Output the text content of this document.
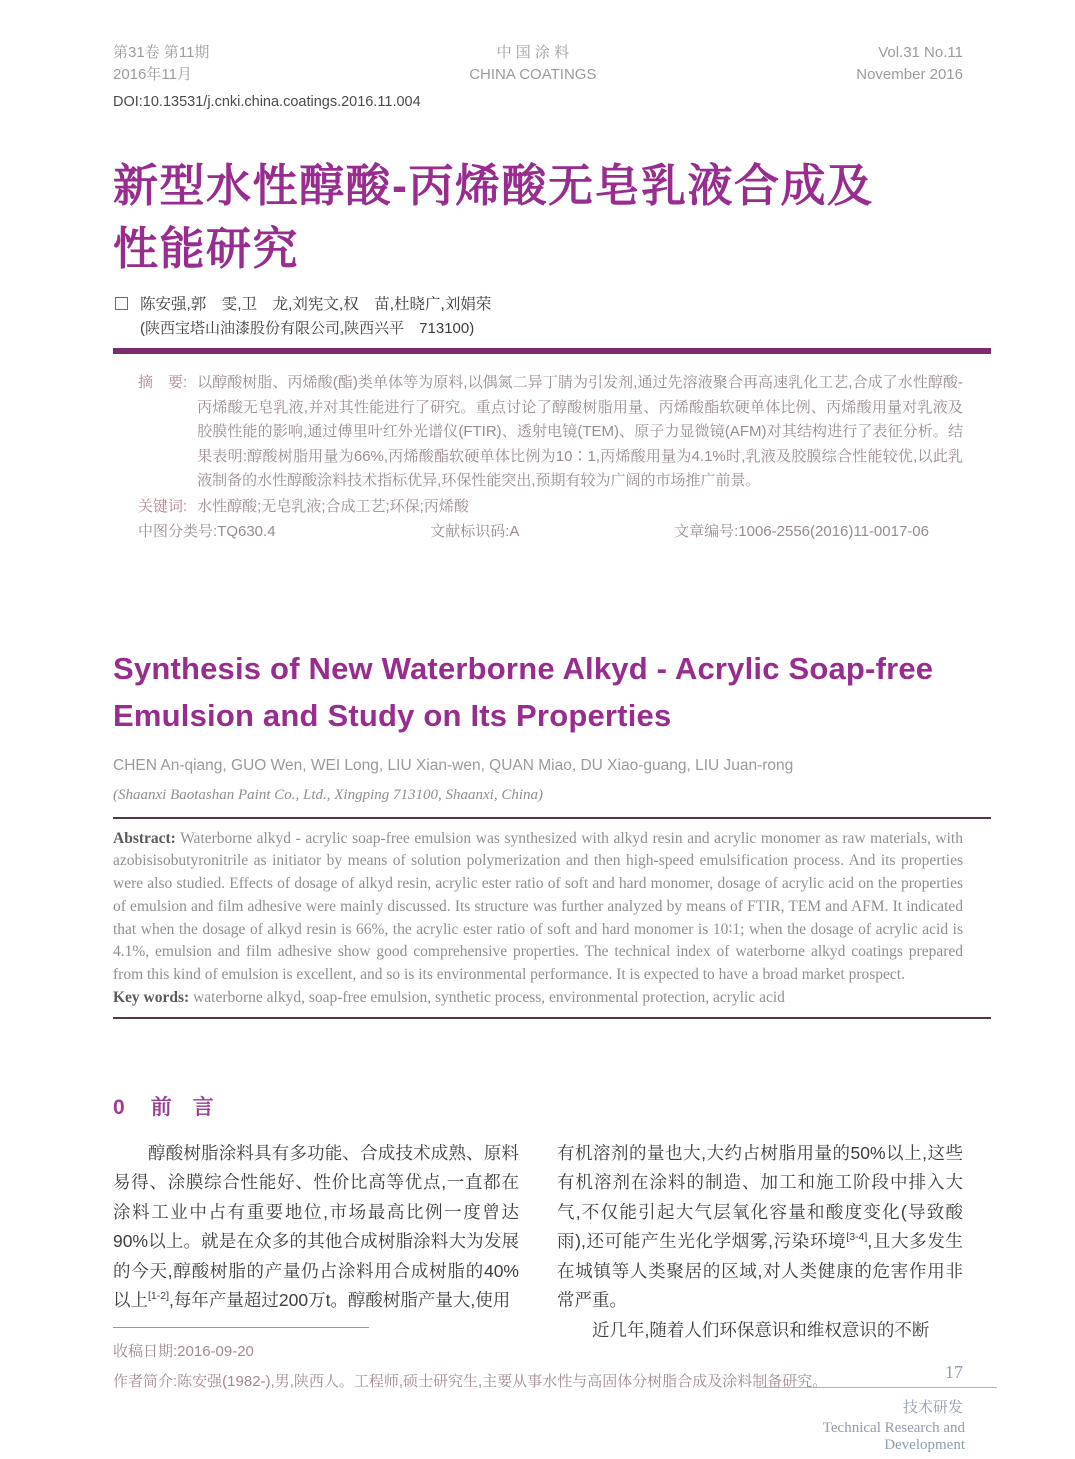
第31卷 第11期
2016年11月
中 国 涂 料
CHINA COATINGS
Vol.31 No.11
November 2016
DOI:10.13531/j.cnki.china.coatings.2016.11.004
新型水性醇酸-丙烯酸无皂乳液合成及
性能研究
陈安强,郭　雯,卫　龙,刘宪文,权　苗,杜晓广,刘娟荣
(陕西宝塔山油漆股份有限公司,陕西兴平　713100)
摘　要: 以醇酸树脂、丙烯酸(酯)类单体等为原料,以偶氮二异丁腈为引发剂,通过先溶液聚合再高速乳化工艺,合成了水性醇酸-丙烯酸无皂乳液,并对其性能进行了研究。重点讨论了醇酸树脂用量、丙烯酸酯软硬单体比例、丙烯酸用量对乳液及胶膜性能的影响,通过傅里叶红外光谱仪(FTIR)、透射电镜(TEM)、原子力显微镜(AFM)对其结构进行了表征分析。结果表明:醇酸树脂用量为66%,丙烯酸酯软硬单体比例为10∶1,丙烯酸用量为4.1%时,乳液及胶膜综合性能较优,以此乳液制备的水性醇酸涂料技术指标优异,环保性能突出,预期有较为广阔的市场推广前景。
关键词: 水性醇酸;无皂乳液;合成工艺;环保;丙烯酸
中图分类号:TQ630.4	文献标识码:A	文章编号:1006-2556(2016)11-0017-06
Synthesis of New Waterborne Alkyd - Acrylic Soap-free
Emulsion and Study on Its Properties
CHEN An-qiang, GUO Wen, WEI Long, LIU Xian-wen, QUAN Miao, DU Xiao-guang, LIU Juan-rong
(Shaanxi Baotashan Paint Co., Ltd., Xingping 713100, Shaanxi, China)
Abstract: Waterborne alkyd - acrylic soap-free emulsion was synthesized with alkyd resin and acrylic monomer as raw materials, with azobisisobutyronitrile as initiator by means of solution polymerization and then high-speed emulsification process. And its properties were also studied. Effects of dosage of alkyd resin, acrylic ester ratio of soft and hard monomer, dosage of acrylic acid on the properties of emulsion and film adhesive were mainly discussed. Its structure was further analyzed by means of FTIR, TEM and AFM. It indicated that when the dosage of alkyd resin is 66%, the acrylic ester ratio of soft and hard monomer is 10∶1; when the dosage of acrylic acid is 4.1%, emulsion and film adhesive show good comprehensive properties. The technical index of waterborne alkyd coatings prepared from this kind of emulsion is excellent, and so is its environmental performance. It is expected to have a broad market prospect.
Key words: waterborne alkyd, soap-free emulsion, synthetic process, environmental protection, acrylic acid
0 前　言

醇酸树脂涂料具有多功能、合成技术成熟、原料易得、涂膜综合性能好、性价比高等优点,一直都在涂料工业中占有重要地位,市场最高比例一度曾达90%以上。就是在众多的其他合成树脂涂料大为发展的今天,醇酸树脂的产量仍占涂料用合成树脂的40%以上[1-2],每年产量超过200万t。醇酸树脂产量大,使用

收稿日期:2016-09-20

有机溶剂的量也大,大约占树脂用量的50%以上,这些有机溶剂在涂料的制造、加工和施工阶段中排入大气,不仅能引起大气层氧化容量和酸度变化(导致酸雨),还可能产生光化学烟雾,污染环境[3-4],且大多发生在城镇等人类聚居的区域,对人类健康的危害作用非常严重。

近几年,随着人们环保意识和维权意识的不断

作者简介:陈安强(1982-),男,陕西人。工程师,硕士研究生,主要从事水性与高固体分树脂合成及涂料制备研究。	17
技术研发
Technical Research and Development
